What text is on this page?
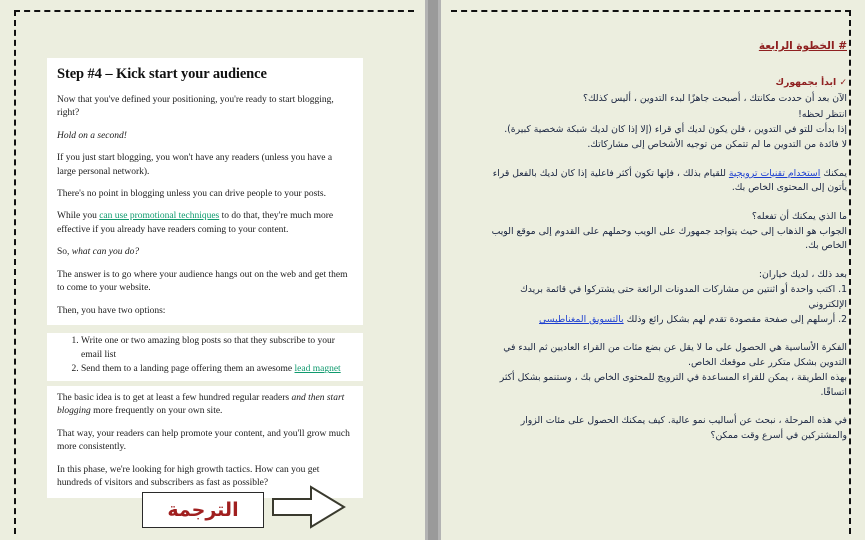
Step #4 – Kick start your audience

Now that you've defined your positioning, you're ready to start blogging, right?

Hold on a second!

If you just start blogging, you won't have any readers (unless you have a large personal network).

There's no point in blogging unless you can drive people to your posts.

While you can use promotional techniques to do that, they're much more effective if you already have readers coming to your content.

So, what can you do?

The answer is to go where your audience hangs out on the web and get them to come to your website.

Then, you have two options:

1. Write one or two amazing blog posts so that they subscribe to your email list
2. Send them to a landing page offering them an awesome lead magnet

The basic idea is to get at least a few hundred regular readers and then start blogging more frequently on your own site.

That way, your readers can help promote your content, and you'll grow much more consistently.

In this phase, we're looking for high growth tactics. How can you get hundreds of visitors and subscribers as fast as possible?

الترجمة
# الخطوة الرابعة
✓ ابدأ بجمهورك

الآن بعد أن حددت مكانتك ، أصبحت جاهزًا لبدء التدوين ، أليس كذلك؟

انتظر لحظه!

إذا بدأت للتو في التدوين ، فلن يكون لديك أي قراء (إلا إذا كان لديك شبكة شخصية كبيرة).

لا فائدة من التدوين ما لم تتمكن من توجيه الأشخاص إلى مشاركاتك.

يمكنك استخدام تقنيات ترويجية للقيام بذلك ، فإنها تكون أكثر فاعلية إذا كان لديك بالفعل قراء يأتون إلى المحتوى الخاص بك.

ما الذي يمكنك أن تفعله؟

الجواب هو الذهاب إلى حيث يتواجد جمهورك على الويب وحملهم على القدوم إلى موقع الويب الخاص بك.

بعد ذلك ، لديك خياران:

1. اكتب واحدة أو اثنتين من مشاركات المدونات الرائعة حتى يشتركوا في قائمة بريدك الإلكتروني

2. أرسلهم إلى صفحة مقصودة تقدم لهم بشكل رائع وذلك بالتسويق المغناطيسي

الفكرة الأساسية هي الحصول على ما لا يقل عن بضع مئات من القراء العاديين ثم البدء في التدوين بشكل متكرر على موقعك الخاص.

بهذه الطريقة ، يمكن للقراء المساعدة في الترويج للمحتوى الخاص بك ، وستنمو بشكل أكثر اتساقًا.

في هذه المرحلة ، نبحث عن أساليب نمو عالية. كيف يمكنك الحصول على مئات الزوار والمشتركين في أسرع وقت ممكن؟
